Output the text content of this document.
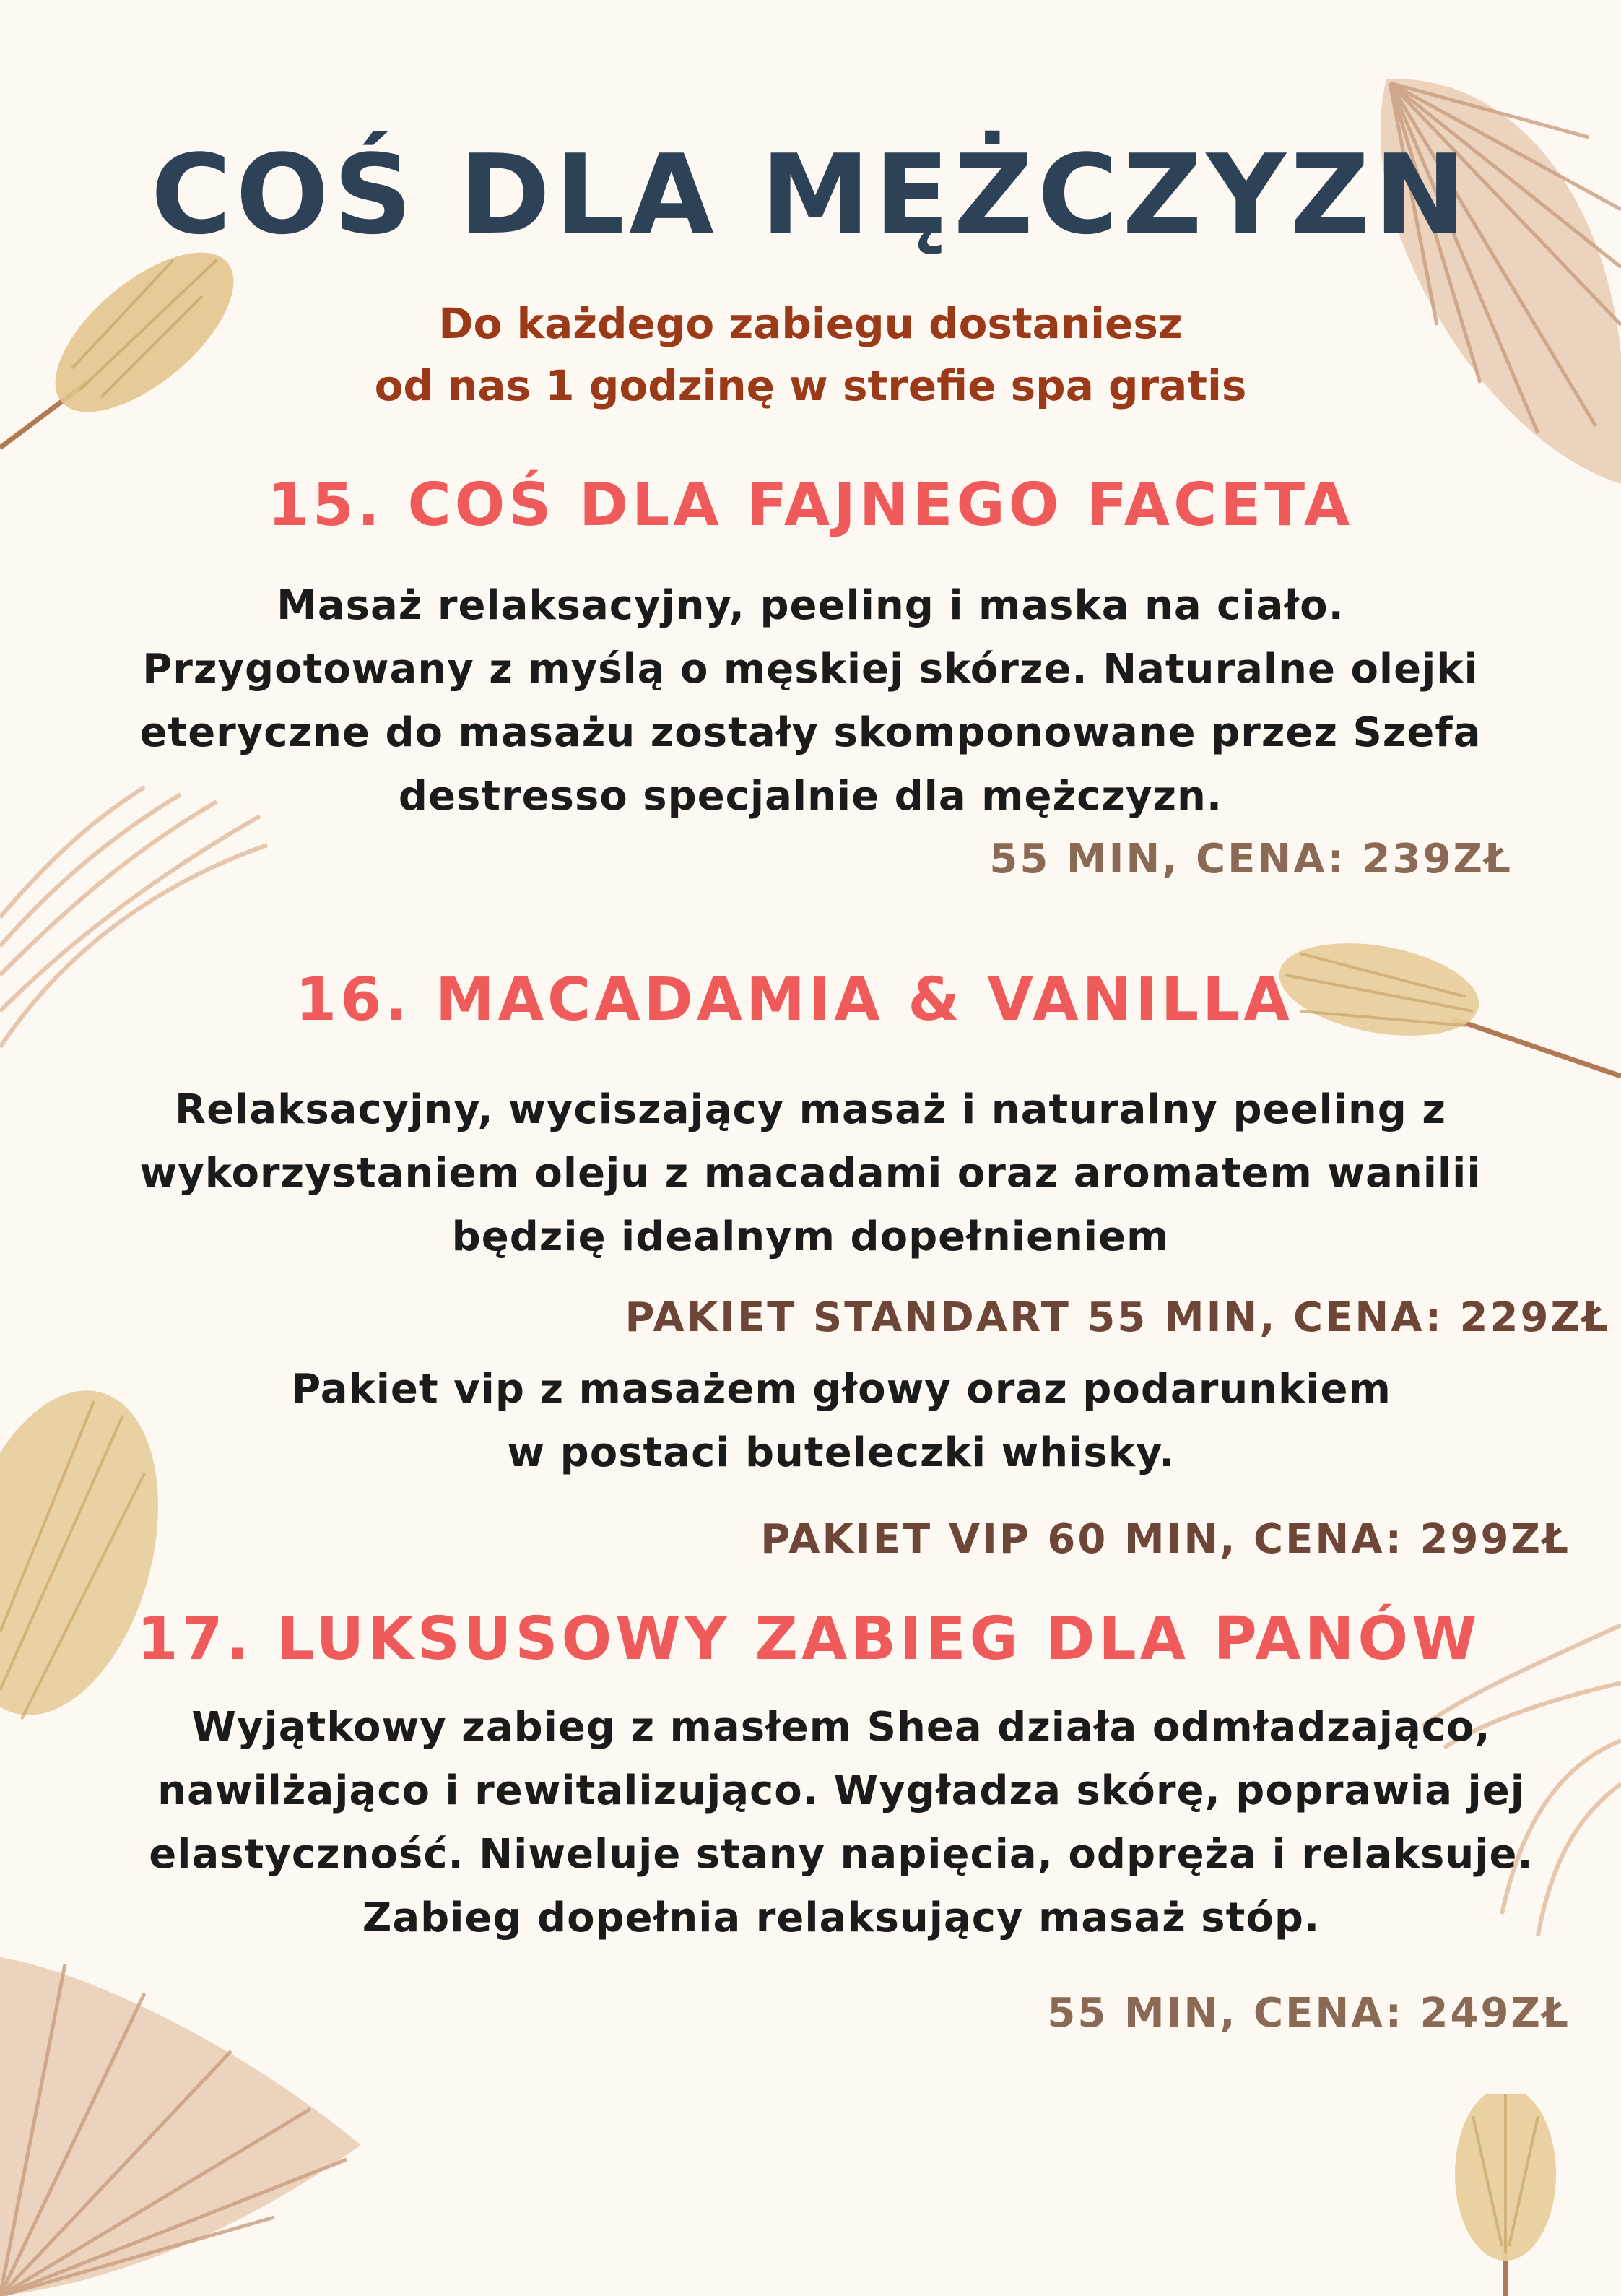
COŚ DLA MĘŻCZYZN
Do każdego zabiegu dostaniesz
od nas 1 godzinę w strefie spa gratis
15. COŚ DLA FAJNEGO FACETA
Masaż relaksacyjny, peeling i maska na ciało.
Przygotowany z myślą o męskiej skórze. Naturalne olejki
eteryczne do masażu zostały skomponowane przez Szefa
destresso specjalnie dla mężczyzn.
55 MIN, CENA: 239ZŁ
16. MACADAMIA & VANILLA
Relaksacyjny, wyciszający masaż i naturalny peeling z
wykorzystaniem oleju z macadami oraz aromatem wanilii
będzię idealnym dopełnieniem
PAKIET STANDART 55 MIN, CENA: 229ZŁ
Pakiet vip z masażem głowy oraz podarunkiem
w postaci buteleczki whisky.
PAKIET VIP 60 MIN, CENA: 299ZŁ
17. LUKSUSOWY ZABIEG DLA PANÓW
Wyjątkowy zabieg z masłem Shea działa odmładzająco,
nawilżająco i rewitalizująco. Wygładza skórę, poprawia jej
elastyczność. Niweluje stany napięcia, odpręża i relaksuje.
Zabieg dopełnia relaksujący masaż stóp.
55 MIN, CENA: 249ZŁ
